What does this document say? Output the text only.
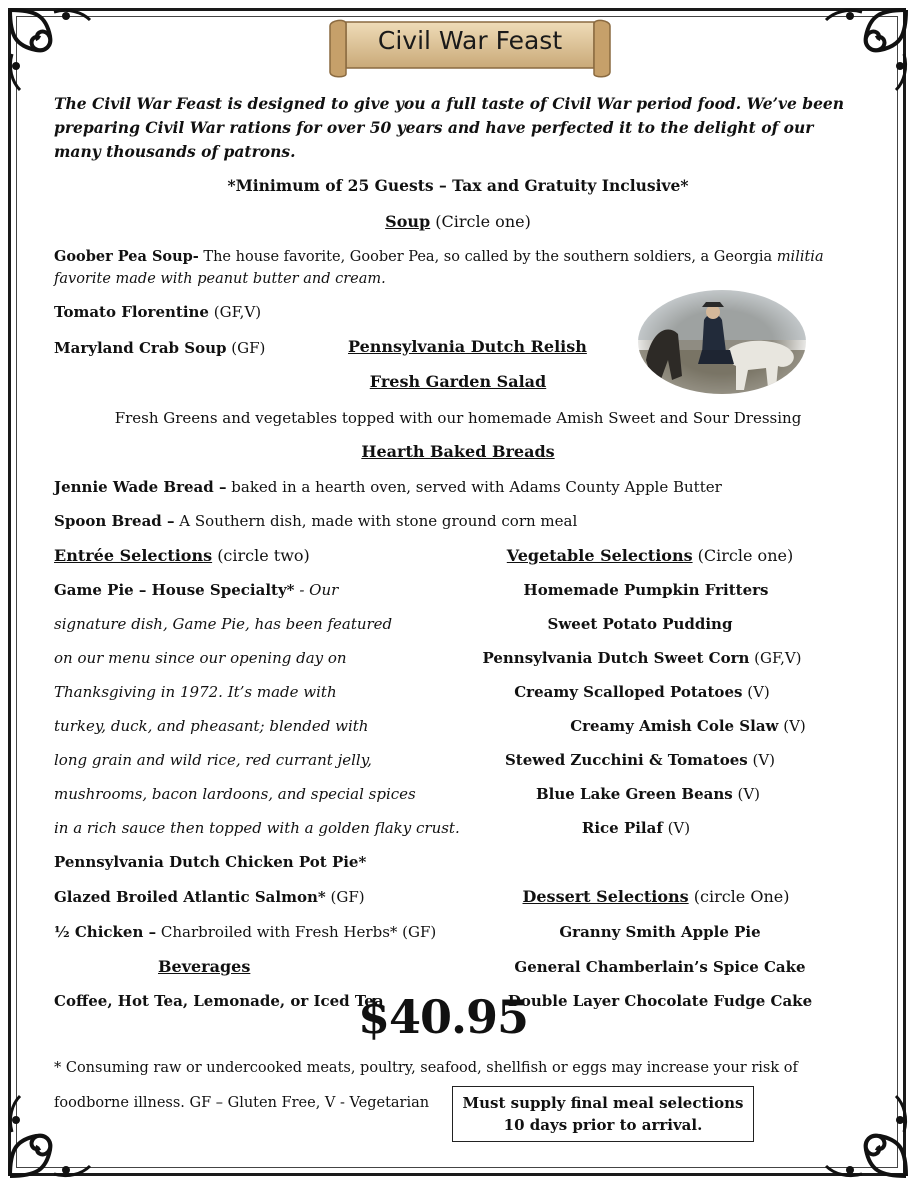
Civil War Feast
The Civil War Feast is designed to give you a full taste of Civil War period food. We’ve been preparing Civil War rations for over 50 years and have perfected it to the delight of our many thousands of patrons.
*Minimum of 25 Guests – Tax and Gratuity Inclusive*
Soup (Circle one)
Goober Pea Soup- The house favorite, Goober Pea, so called by the southern soldiers, a Georgia militia favorite made with peanut butter and cream.
Tomato Florentine (GF,V)
Maryland Crab Soup (GF)	Pennsylvania Dutch Relish
Fresh Garden Salad
Fresh Greens and vegetables topped with our homemade Amish Sweet and Sour Dressing
Hearth Baked Breads
Jennie Wade Bread – baked in a hearth oven, served with Adams County Apple Butter
Spoon Bread – A Southern dish, made with stone ground corn meal
Entrée Selections (circle two)
Game Pie – House Specialty* - Our
signature dish, Game Pie, has been featured
on our menu since our opening day on
Thanksgiving in 1972. It’s made with
turkey, duck, and pheasant; blended with
long grain and wild rice, red currant jelly,
mushrooms, bacon lardoons, and special spices
in a rich sauce then topped with a golden flaky crust.
Pennsylvania Dutch Chicken Pot Pie*
Glazed Broiled Atlantic Salmon* (GF)
½ Chicken – Charbroiled with Fresh Herbs* (GF)
Beverages
Coffee, Hot Tea, Lemonade, or Iced Tea
Vegetable Selections (Circle one)
Homemade Pumpkin Fritters
Sweet Potato Pudding
Pennsylvania Dutch Sweet Corn (GF,V)
Creamy Scalloped Potatoes (V)
Creamy Amish Cole Slaw (V)
Stewed Zucchini & Tomatoes (V)
Blue Lake Green Beans (V)
Rice Pilaf (V)
Dessert Selections (circle One)
Granny Smith Apple Pie
General Chamberlain’s Spice Cake
Double Layer Chocolate Fudge Cake
$40.95
* Consuming raw or undercooked meats, poultry, seafood, shellfish or eggs may increase your risk of
foodborne illness. GF – Gluten Free, V - Vegetarian	Must supply final meal selections
10 days prior to arrival.
